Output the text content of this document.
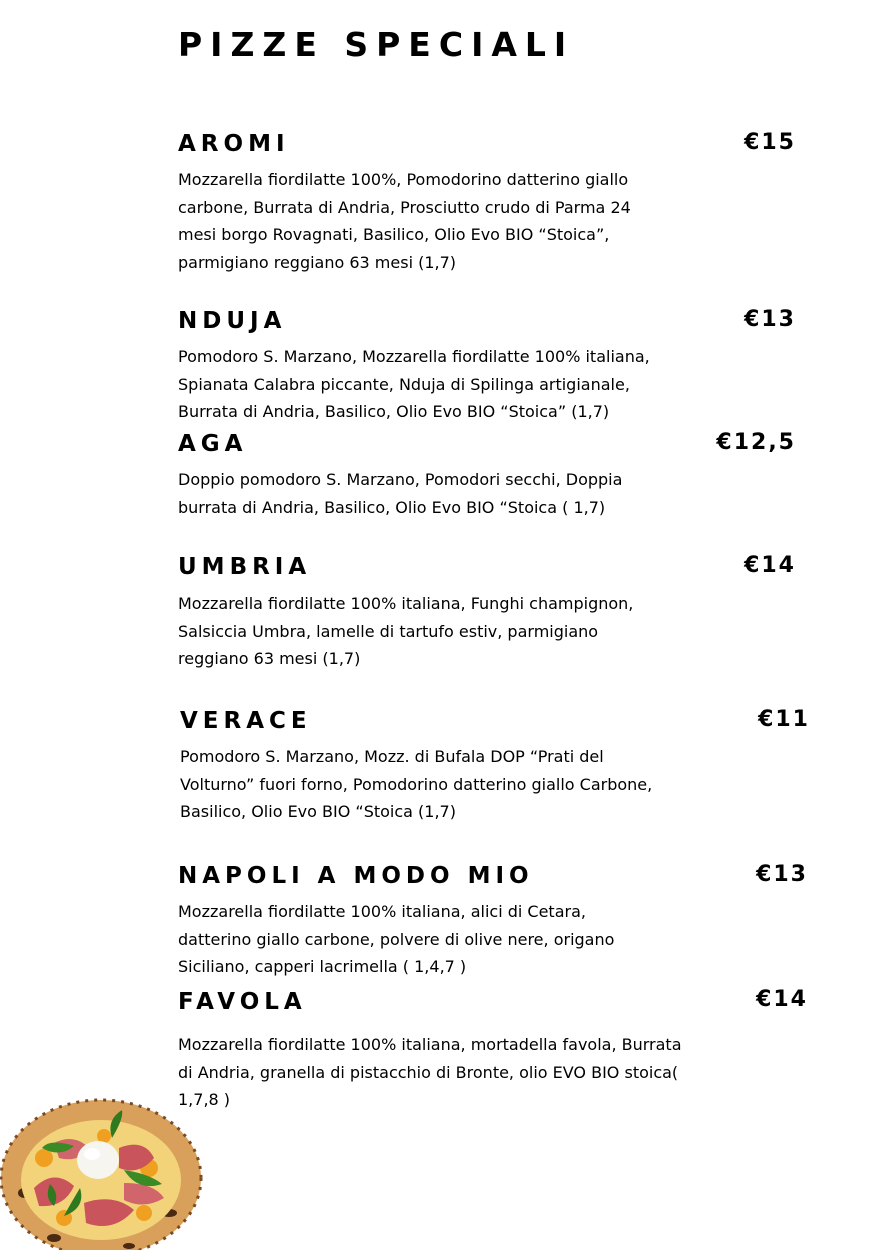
PIZZE SPECIALI
AROMI	€15

Mozzarella fiordilatte 100%, Pomodorino datterino giallo carbone, Burrata di Andria, Prosciutto crudo di Parma 24 mesi borgo Rovagnati, Basilico, Olio Evo BIO “Stoica”, parmigiano reggiano 63 mesi (1,7)

NDUJA	€13

Pomodoro S. Marzano, Mozzarella fiordilatte 100% italiana, Spianata Calabra piccante, Nduja di Spilinga artigianale, Burrata di Andria, Basilico, Olio Evo BIO “Stoica” (1,7)

AGA	€12,5

Doppio pomodoro S. Marzano, Pomodori secchi, Doppia burrata di Andria, Basilico, Olio Evo BIO “Stoica ( 1,7)

UMBRIA	€14

Mozzarella fiordilatte 100% italiana, Funghi champignon, Salsiccia Umbra, lamelle di tartufo estiv, parmigiano reggiano 63 mesi (1,7)

VERACE	€11

Pomodoro S. Marzano, Mozz. di Bufala DOP “Prati del Volturno” fuori forno, Pomodorino datterino giallo Carbone, Basilico, Olio Evo BIO “Stoica (1,7)

NAPOLI A MODO MIO	€13

Mozzarella fiordilatte 100% italiana, alici di Cetara, datterino giallo carbone, polvere di olive nere, origano Siciliano, capperi lacrimella ( 1,4,7 )

FAVOLA	€14

Mozzarella fiordilatte 100% italiana, mortadella favola, Burrata di Andria, granella di pistacchio di Bronte, olio EVO BIO stoica( 1,7,8 )
